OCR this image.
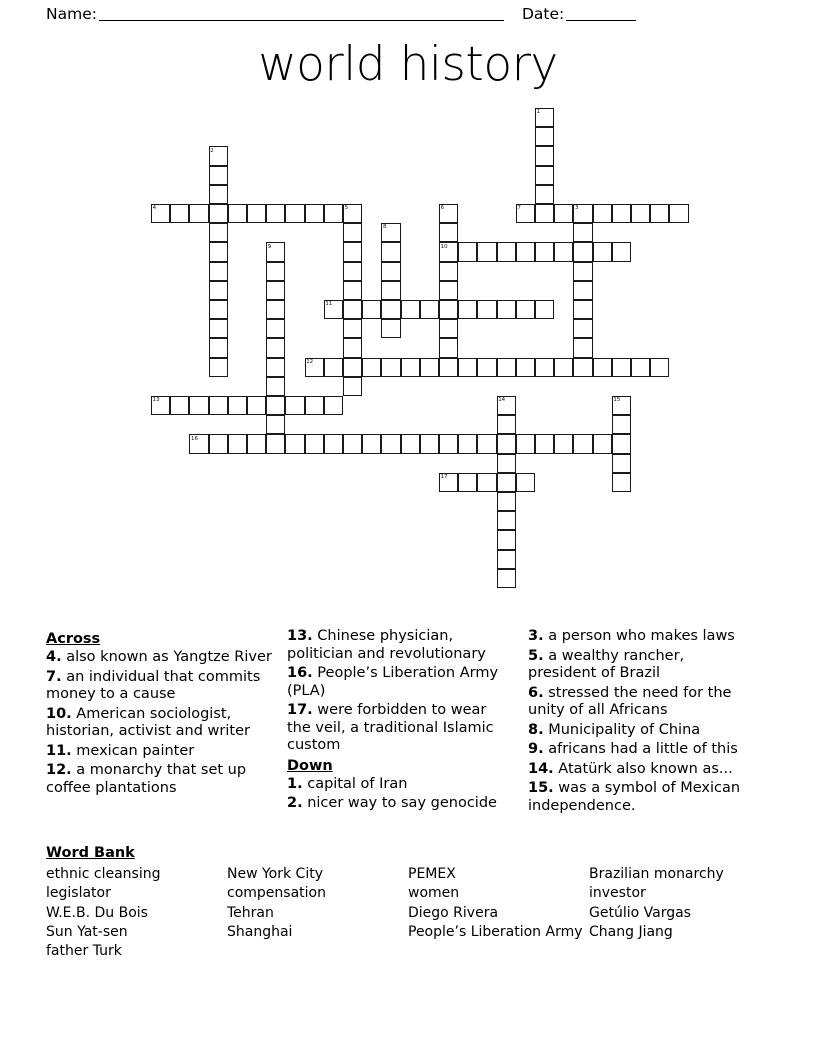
Name:	Date:
world history
1
2
3
4	5	6	7
8
9	10
11
12
13	14	15
16
17
Across
4. also known as Yangtze River
7. an individual that commits money to a cause
10. American sociologist, historian, activist and writer
11. mexican painter
12. a monarchy that set up coffee plantations
13. Chinese physician, politician and revolutionary
16. People’s Liberation Army (PLA)
17. were forbidden to wear the veil, a traditional Islamic custom
Down
1. capital of Iran
2. nicer way to say genocide
3. a person who makes laws
5. a wealthy rancher, president of Brazil
6. stressed the need for the unity of all Africans
8. Municipality of China
9. africans had a little of this
14. Atatürk also known as...
15. was a symbol of Mexican independence.
Word Bank
ethnic cleansing
legislator
W.E.B. Du Bois
Sun Yat-sen
father Turk
New York City
compensation
Tehran
Shanghai
PEMEX
women
Diego Rivera
People’s Liberation Army
Brazilian monarchy
investor
Getúlio Vargas
Chang Jiang
